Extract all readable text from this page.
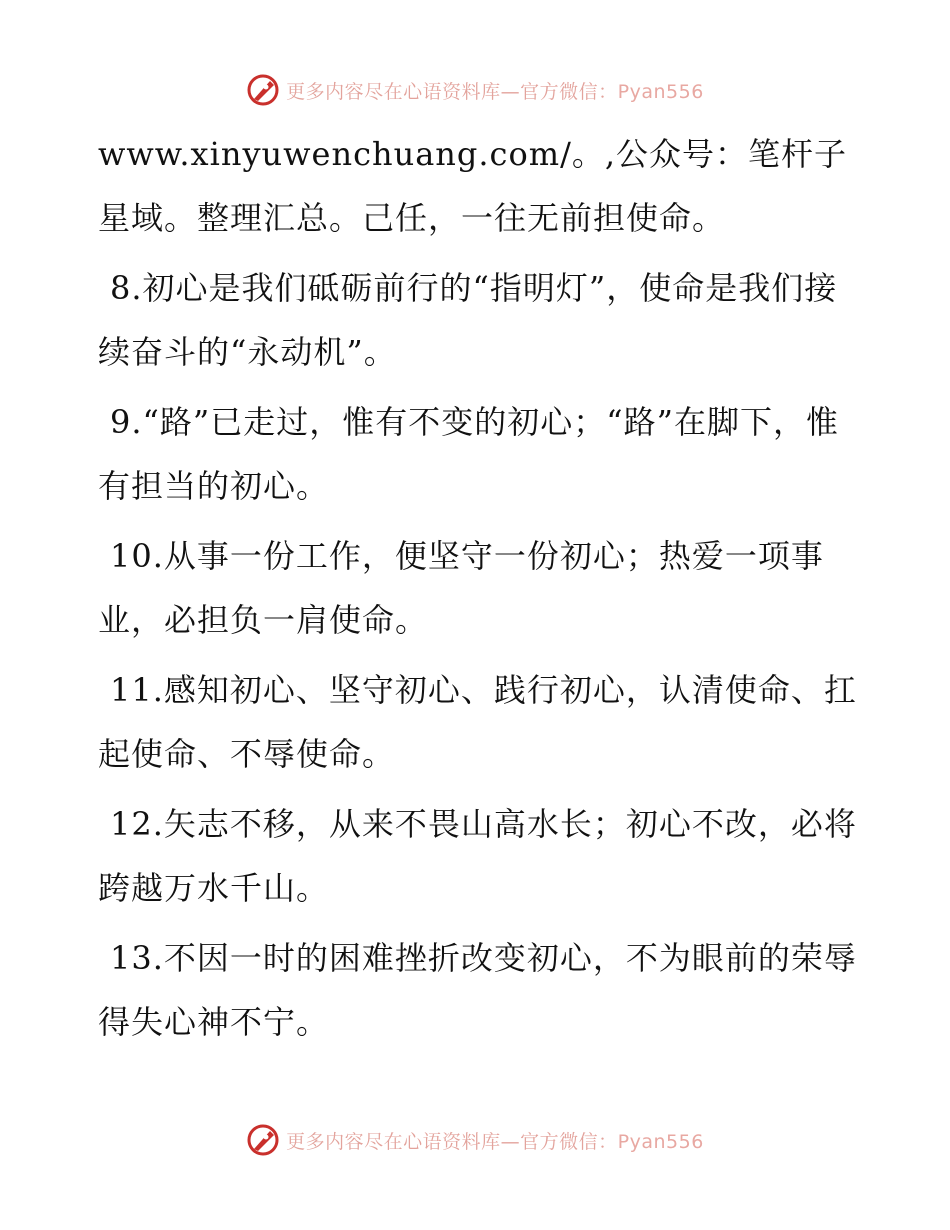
更多内容尽在心语资料库—官方微信：Pyan556

www.xinyuwenchuang.com/。,公众号：笔杆子星域。整理汇总。己任，一往无前担使命。

8.初心是我们砥砺前行的“指明灯”，使命是我们接续奋斗的“永动机”。

9.“路”已走过，惟有不变的初心；“路”在脚下，惟有担当的初心。

10.从事一份工作，便坚守一份初心；热爱一项事业，必担负一肩使命。

11.感知初心、坚守初心、践行初心，认清使命、扛起使命、不辱使命。

12.矢志不移，从来不畏山高水长；初心不改，必将跨越万水千山。

13.不因一时的困难挫折改变初心，不为眼前的荣辱得失心神不宁。

更多内容尽在心语资料库—官方微信：Pyan556
